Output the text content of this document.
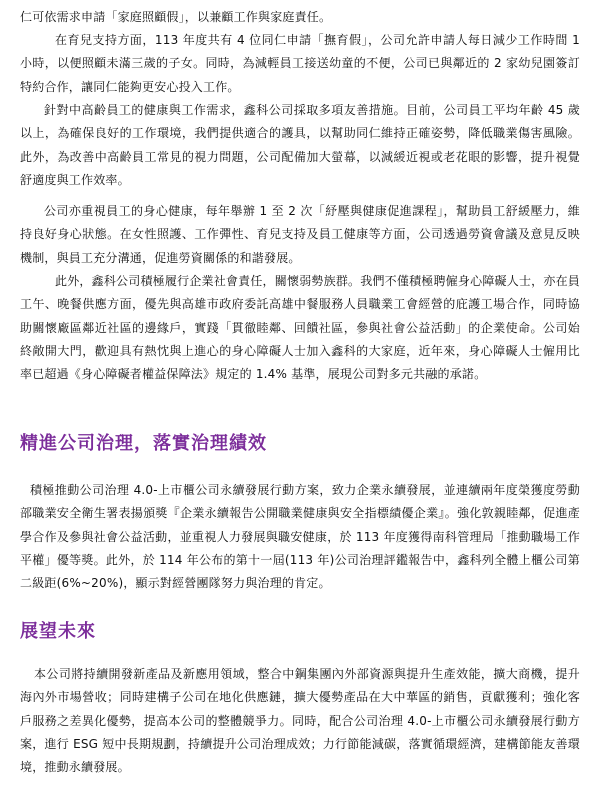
仁可依需求申請「家庭照顧假」，以兼顧工作與家庭責任。

在育兒支持方面，113 年度共有 4 位同仁申請「撫育假」，公司允許申請人每日減少工作時間 1 小時，以便照顧未滿三歲的子女。同時，為減輕員工接送幼童的不便，公司已與鄰近的 2 家幼兒園簽訂特約合作，讓同仁能夠更安心投入工作。

針對中高齡員工的健康與工作需求，鑫科公司採取多項友善措施。目前，公司員工平均年齡 45 歲以上，為確保良好的工作環境，我們提供適合的護具，以幫助同仁維持正確姿勢，降低職業傷害風險。此外，為改善中高齡員工常見的視力問題，公司配備加大螢幕，以減緩近視或老花眼的影響，提升視覺舒適度與工作效率。

公司亦重視員工的身心健康，每年舉辦 1 至 2 次「紓壓與健康促進課程」，幫助員工舒緩壓力，維持良好身心狀態。在女性照護、工作彈性、育兒支持及員工健康等方面，公司透過勞資會議及意見反映機制，與員工充分溝通，促進勞資關係的和諧發展。

此外，鑫科公司積極履行企業社會責任，關懷弱勢族群。我們不僅積極聘僱身心障礙人士，亦在員工午、晚餐供應方面，優先與高雄市政府委託高雄中餐服務人員職業工會經營的庇護工場合作，同時協助關懷廠區鄰近社區的邊緣戶，實踐「貫徹睦鄰、回饋社區，參與社會公益活動」的企業使命。公司始終敞開大門，歡迎具有熱忱與上進心的身心障礙人士加入鑫科的大家庭，近年來，身心障礙人士僱用比率已超過《身心障礙者權益保障法》規定的 1.4% 基準，展現公司對多元共融的承諾。

精進公司治理，落實治理績效

積極推動公司治理 4.0-上市櫃公司永續發展行動方案，致力企業永續發展，並連續兩年度榮獲度勞動部職業安全衛生署表揚頒獎『企業永續報告公開職業健康與安全指標績優企業』。強化敦親睦鄰，促進產學合作及參與社會公益活動，並重視人力發展與職安健康，於 113 年度獲得南科管理局「推動職場工作平權」優等獎。此外，於 114 年公布的第十一屆(113 年)公司治理評鑑報告中，鑫科列全體上櫃公司第二級距(6%~20%)，顯示對經營團隊努力與治理的肯定。

展望未來

本公司將持續開發新產品及新應用領域，整合中鋼集團內外部資源與提升生產效能，擴大商機，提升海內外市場營收；同時建構子公司在地化供應鏈，擴大優勢產品在大中華區的銷售，貢獻獲利；強化客戶服務之差異化優勢，提高本公司的整體競爭力。同時，配合公司治理 4.0-上市櫃公司永續發展行動方案，進行 ESG 短中長期規劃，持續提升公司治理成效；力行節能減碳，落實循環經濟，建構節能友善環境，推動永續發展。
